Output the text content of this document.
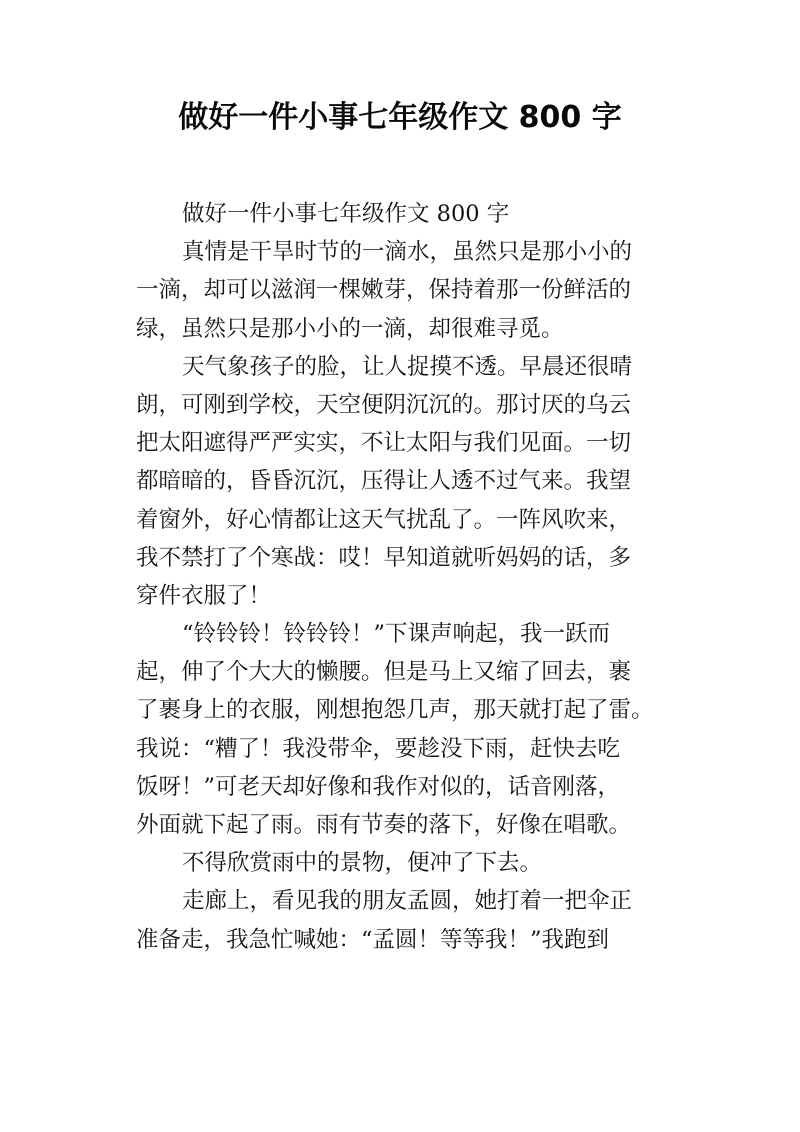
做好一件小事七年级作文 800 字
做好一件小事七年级作文 800 字
真情是干旱时节的一滴水，虽然只是那小小的
一滴，却可以滋润一棵嫩芽，保持着那一份鲜活的
绿，虽然只是那小小的一滴，却很难寻觅。
天气象孩子的脸，让人捉摸不透。早晨还很晴
朗，可刚到学校，天空便阴沉沉的。那讨厌的乌云
把太阳遮得严严实实，不让太阳与我们见面。一切
都暗暗的，昏昏沉沉，压得让人透不过气来。我望
着窗外，好心情都让这天气扰乱了。一阵风吹来，
我不禁打了个寒战：哎！早知道就听妈妈的话，多
穿件衣服了！
“铃铃铃！铃铃铃！”下课声响起，我一跃而
起，伸了个大大的懒腰。但是马上又缩了回去，裹
了裹身上的衣服，刚想抱怨几声，那天就打起了雷。
我说：“糟了！我没带伞，要趁没下雨，赶快去吃
饭呀！”可老天却好像和我作对似的，话音刚落，
外面就下起了雨。雨有节奏的落下，好像在唱歌。
不得欣赏雨中的景物，便冲了下去。
走廊上，看见我的朋友孟圆，她打着一把伞正
准备走，我急忙喊她：“孟圆！等等我！”我跑到
